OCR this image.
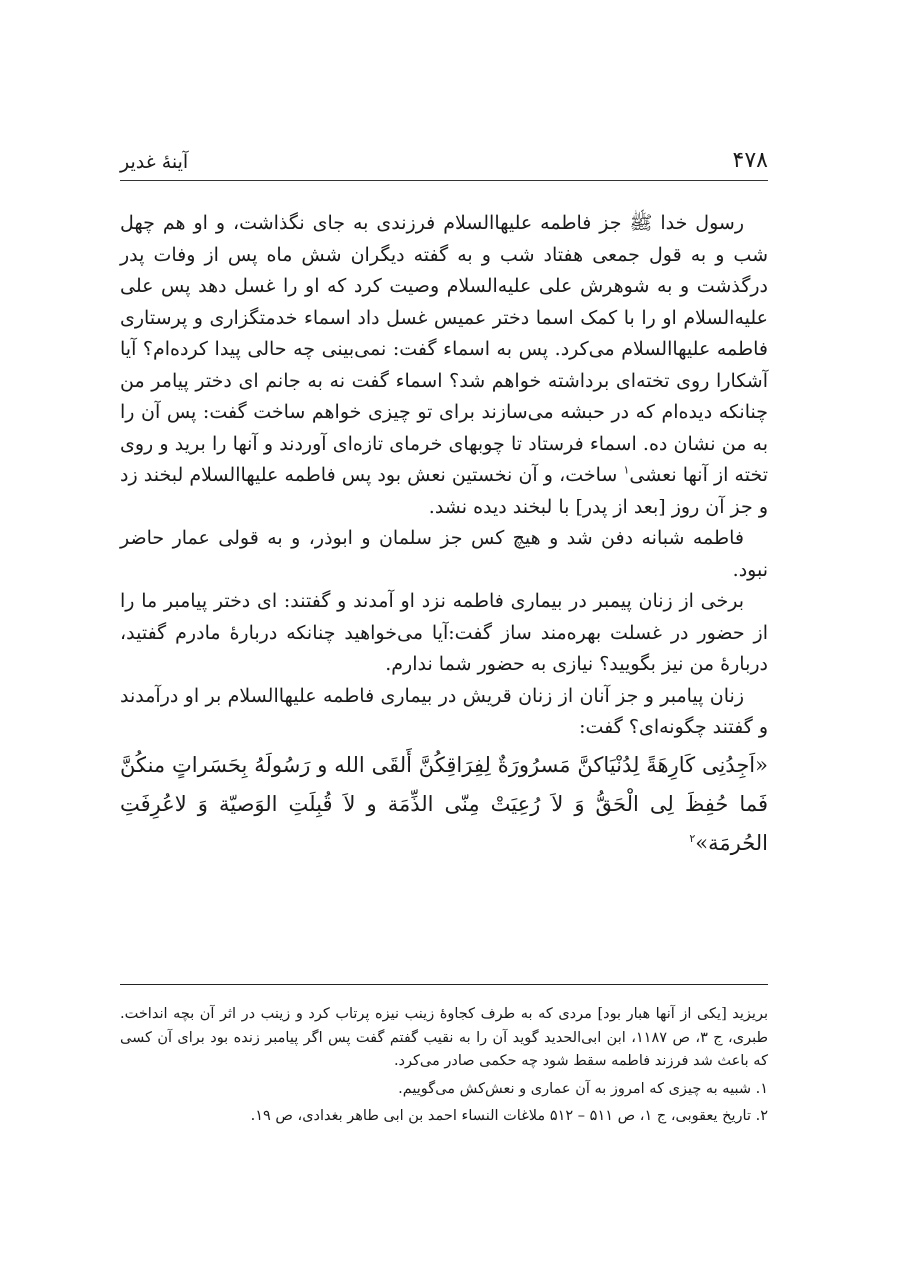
۴۷۸
آینهٔ غدیر

رسول خدا ﷺ جز فاطمه علیهاالسلام فرزندی به جای نگذاشت، و او هم چهل شب و به قول جمعی هفتاد شب و به گفته دیگران شش ماه پس از وفات پدر درگذشت و به شوهرش علی علیه‌السلام وصیت کرد که او را غسل دهد پس علی علیه‌السلام او را با کمک اسما دختر عمیس غسل داد اسماء خدمتگزاری و پرستاری فاطمه علیهاالسلام می‌کرد. پس به اسماء گفت: نمی‌بینی چه حالی پیدا کرده‌ام؟ آیا آشکارا روی تخته‌ای برداشته خواهم شد؟ اسماء گفت نه به جانم ای دختر پیامر من چنانکه دیده‌ام که در حبشه می‌سازند برای تو چیزی خواهم ساخت گفت: پس آن را به من نشان ده. اسماء فرستاد تا چوبهای خرمای تازه‌ای آوردند و آنها را برید و روی تخته از آنها نعشی$^۱$ ساخت، و آن نخستین نعش بود پس فاطمه علیهاالسلام لبخند زد و جز آن روز [بعد از پدر] با لبخند دیده نشد.

فاطمه شبانه دفن شد و هیچ کس جز سلمان و ابوذر، و به قولی عمار حاضر نبود.

برخی از زنان پیمبر در بیماری فاطمه نزد او آمدند و گفتند: ای دختر پیامبر ما را از حضور در غسلت بهره‌مند ساز گفت:آیا می‌خواهید چنانکه دربارهٔ مادرم گفتید، دربارهٔ من نیز بگویید؟ نیازی به حضور شما ندارم.

زنان پیامبر و جز آنان از زنان قریش در بیماری فاطمه علیهاالسلام بر او درآمدند و گفتند چگونه‌ای؟ گفت:

«اَجِدُنِی کَارِهَةً لِدُنْیَاکنَّ مَسرُورَةٌ لِفِرَاقِکُنَّ أَلقَی الله و رَسُولَهُ بِحَسَراتٍ منکُنَّ فَما حُفِظَ لِی الْحَقُّ وَ لاَ رُعِیَتْ مِنّی الذِّمَة و لاَ قُبِلَتِ الوَصیّة وَ لاعُرِفَتِ الحُرمَة»$^۲$

بریزید [یکی از آنها هبار بود] مردی که به طرف کجاوهٔ زینب نیزه پرتاب کرد و زینب در اثر آن بچه انداخت. طبری، ج ۳، ص ۱۱۸۷، ابن ابی‌الحدید گوید آن را به نقیب گفتم گفت پس اگر پیامبر زنده بود برای آن کسی که باعث شد فرزند فاطمه سقط شود چه حکمی صادر می‌کرد.

۱. شبیه به چیزی که امروز به آن عماری و نعش‌کش می‌گوییم.

۲. تاریخ یعقوبی، ج ۱، ص ۵۱۱ – ۵۱۲ ملاغات النساء احمد بن ابی طاهر بغدادی، ص ۱۹.
